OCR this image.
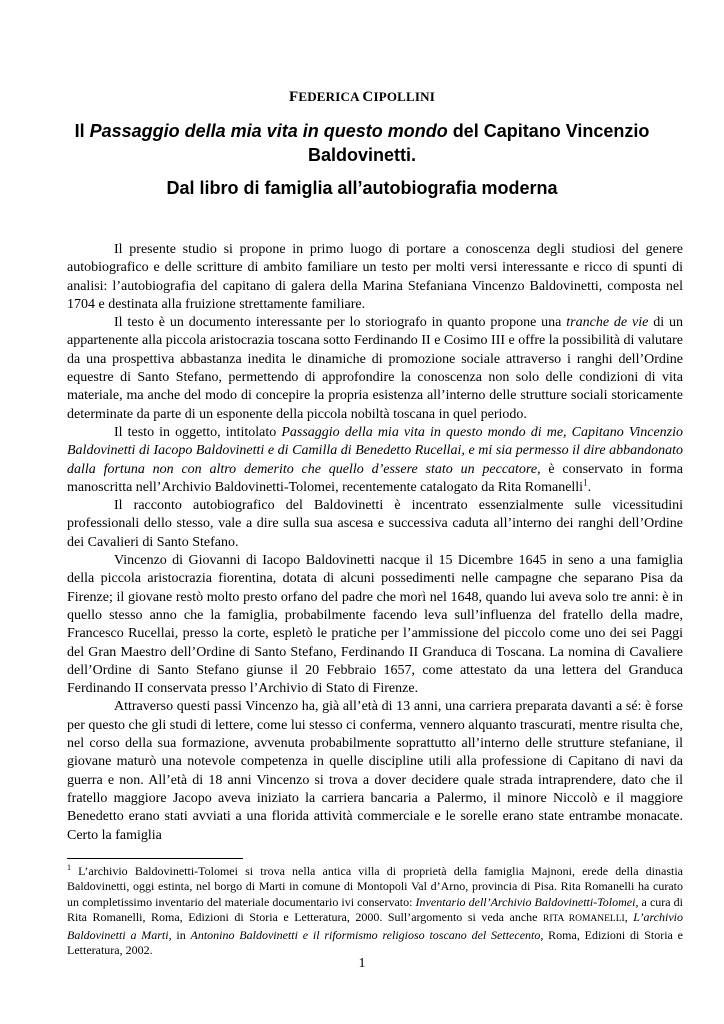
FEDERICA CIPOLLINI
Il Passaggio della mia vita in questo mondo del Capitano Vincenzio Baldovinetti.
Dal libro di famiglia all’autobiografia moderna

Il presente studio si propone in primo luogo di portare a conoscenza degli studiosi del genere autobiografico e delle scritture di ambito familiare un testo per molti versi interessante e ricco di spunti di analisi: l’autobiografia del capitano di galera della Marina Stefaniana Vincenzo Baldovinetti, composta nel 1704 e destinata alla fruizione strettamente familiare.

Il testo è un documento interessante per lo storiografo in quanto propone una tranche de vie di un appartenente alla piccola aristocrazia toscana sotto Ferdinando II e Cosimo III e offre la possibilità di valutare da una prospettiva abbastanza inedita le dinamiche di promozione sociale attraverso i ranghi dell’Ordine equestre di Santo Stefano, permettendo di approfondire la conoscenza non solo delle condizioni di vita materiale, ma anche del modo di concepire la propria esistenza all’interno delle strutture sociali storicamente determinate da parte di un esponente della piccola nobiltà toscana in quel periodo.

Il testo in oggetto, intitolato Passaggio della mia vita in questo mondo di me, Capitano Vincenzio Baldovinetti di Iacopo Baldovinetti e di Camilla di Benedetto Rucellai, e mi sia permesso il dire abbandonato dalla fortuna non con altro demerito che quello d’essere stato un peccatore, è conservato in forma manoscritta nell’Archivio Baldovinetti-Tolomei, recentemente catalogato da Rita Romanelli$^1$.

Il racconto autobiografico del Baldovinetti è incentrato essenzialmente sulle vicessitudini professionali dello stesso, vale a dire sulla sua ascesa e successiva caduta all’interno dei ranghi dell’Ordine dei Cavalieri di Santo Stefano.

Vincenzo di Giovanni di Iacopo Baldovinetti nacque il 15 Dicembre 1645 in seno a una famiglia della piccola aristocrazia fiorentina, dotata di alcuni possedimenti nelle campagne che separano Pisa da Firenze; il giovane restò molto presto orfano del padre che morì nel 1648, quando lui aveva solo tre anni: è in quello stesso anno che la famiglia, probabilmente facendo leva sull’influenza del fratello della madre, Francesco Rucellai, presso la corte, espletò le pratiche per l’ammissione del piccolo come uno dei sei Paggi del Gran Maestro dell’Ordine di Santo Stefano, Ferdinando II Granduca di Toscana. La nomina di Cavaliere dell’Ordine di Santo Stefano giunse il 20 Febbraio 1657, come attestato da una lettera del Granduca Ferdinando II conservata presso l’Archivio di Stato di Firenze.

Attraverso questi passi Vincenzo ha, già all’età di 13 anni, una carriera preparata davanti a sé: è forse per questo che gli studi di lettere, come lui stesso ci conferma, vennero alquanto trascurati, mentre risulta che, nel corso della sua formazione, avvenuta probabilmente soprattutto all’interno delle strutture stefaniane, il giovane maturò una notevole competenza in quelle discipline utili alla professione di Capitano di navi da guerra e non. All’età di 18 anni Vincenzo si trova a dover decidere quale strada intraprendere, dato che il fratello maggiore Jacopo aveva iniziato la carriera bancaria a Palermo, il minore Niccolò e il maggiore Benedetto erano stati avviati a una florida attività commerciale e le sorelle erano state entrambe monacate. Certo la famiglia

$^1$ L’archivio Baldovinetti-Tolomei si trova nella antica villa di proprietà della famiglia Majnoni, erede della dinastia Baldovinetti, oggi estinta, nel borgo di Marti in comune di Montopoli Val d’Arno, provincia di Pisa. Rita Romanelli ha curato un completissimo inventario del materiale documentario ivi conservato: Inventario dell’Archivio Baldovinetti-Tolomei, a cura di Rita Romanelli, Roma, Edizioni di Storia e Letteratura, 2000. Sull’argomento si veda anche RITA ROMANELLI, L’archivio Baldovinetti a Marti, in Antonino Baldovinetti e il riformismo religioso toscano del Settecento, Roma, Edizioni di Storia e Letteratura, 2002.
1
